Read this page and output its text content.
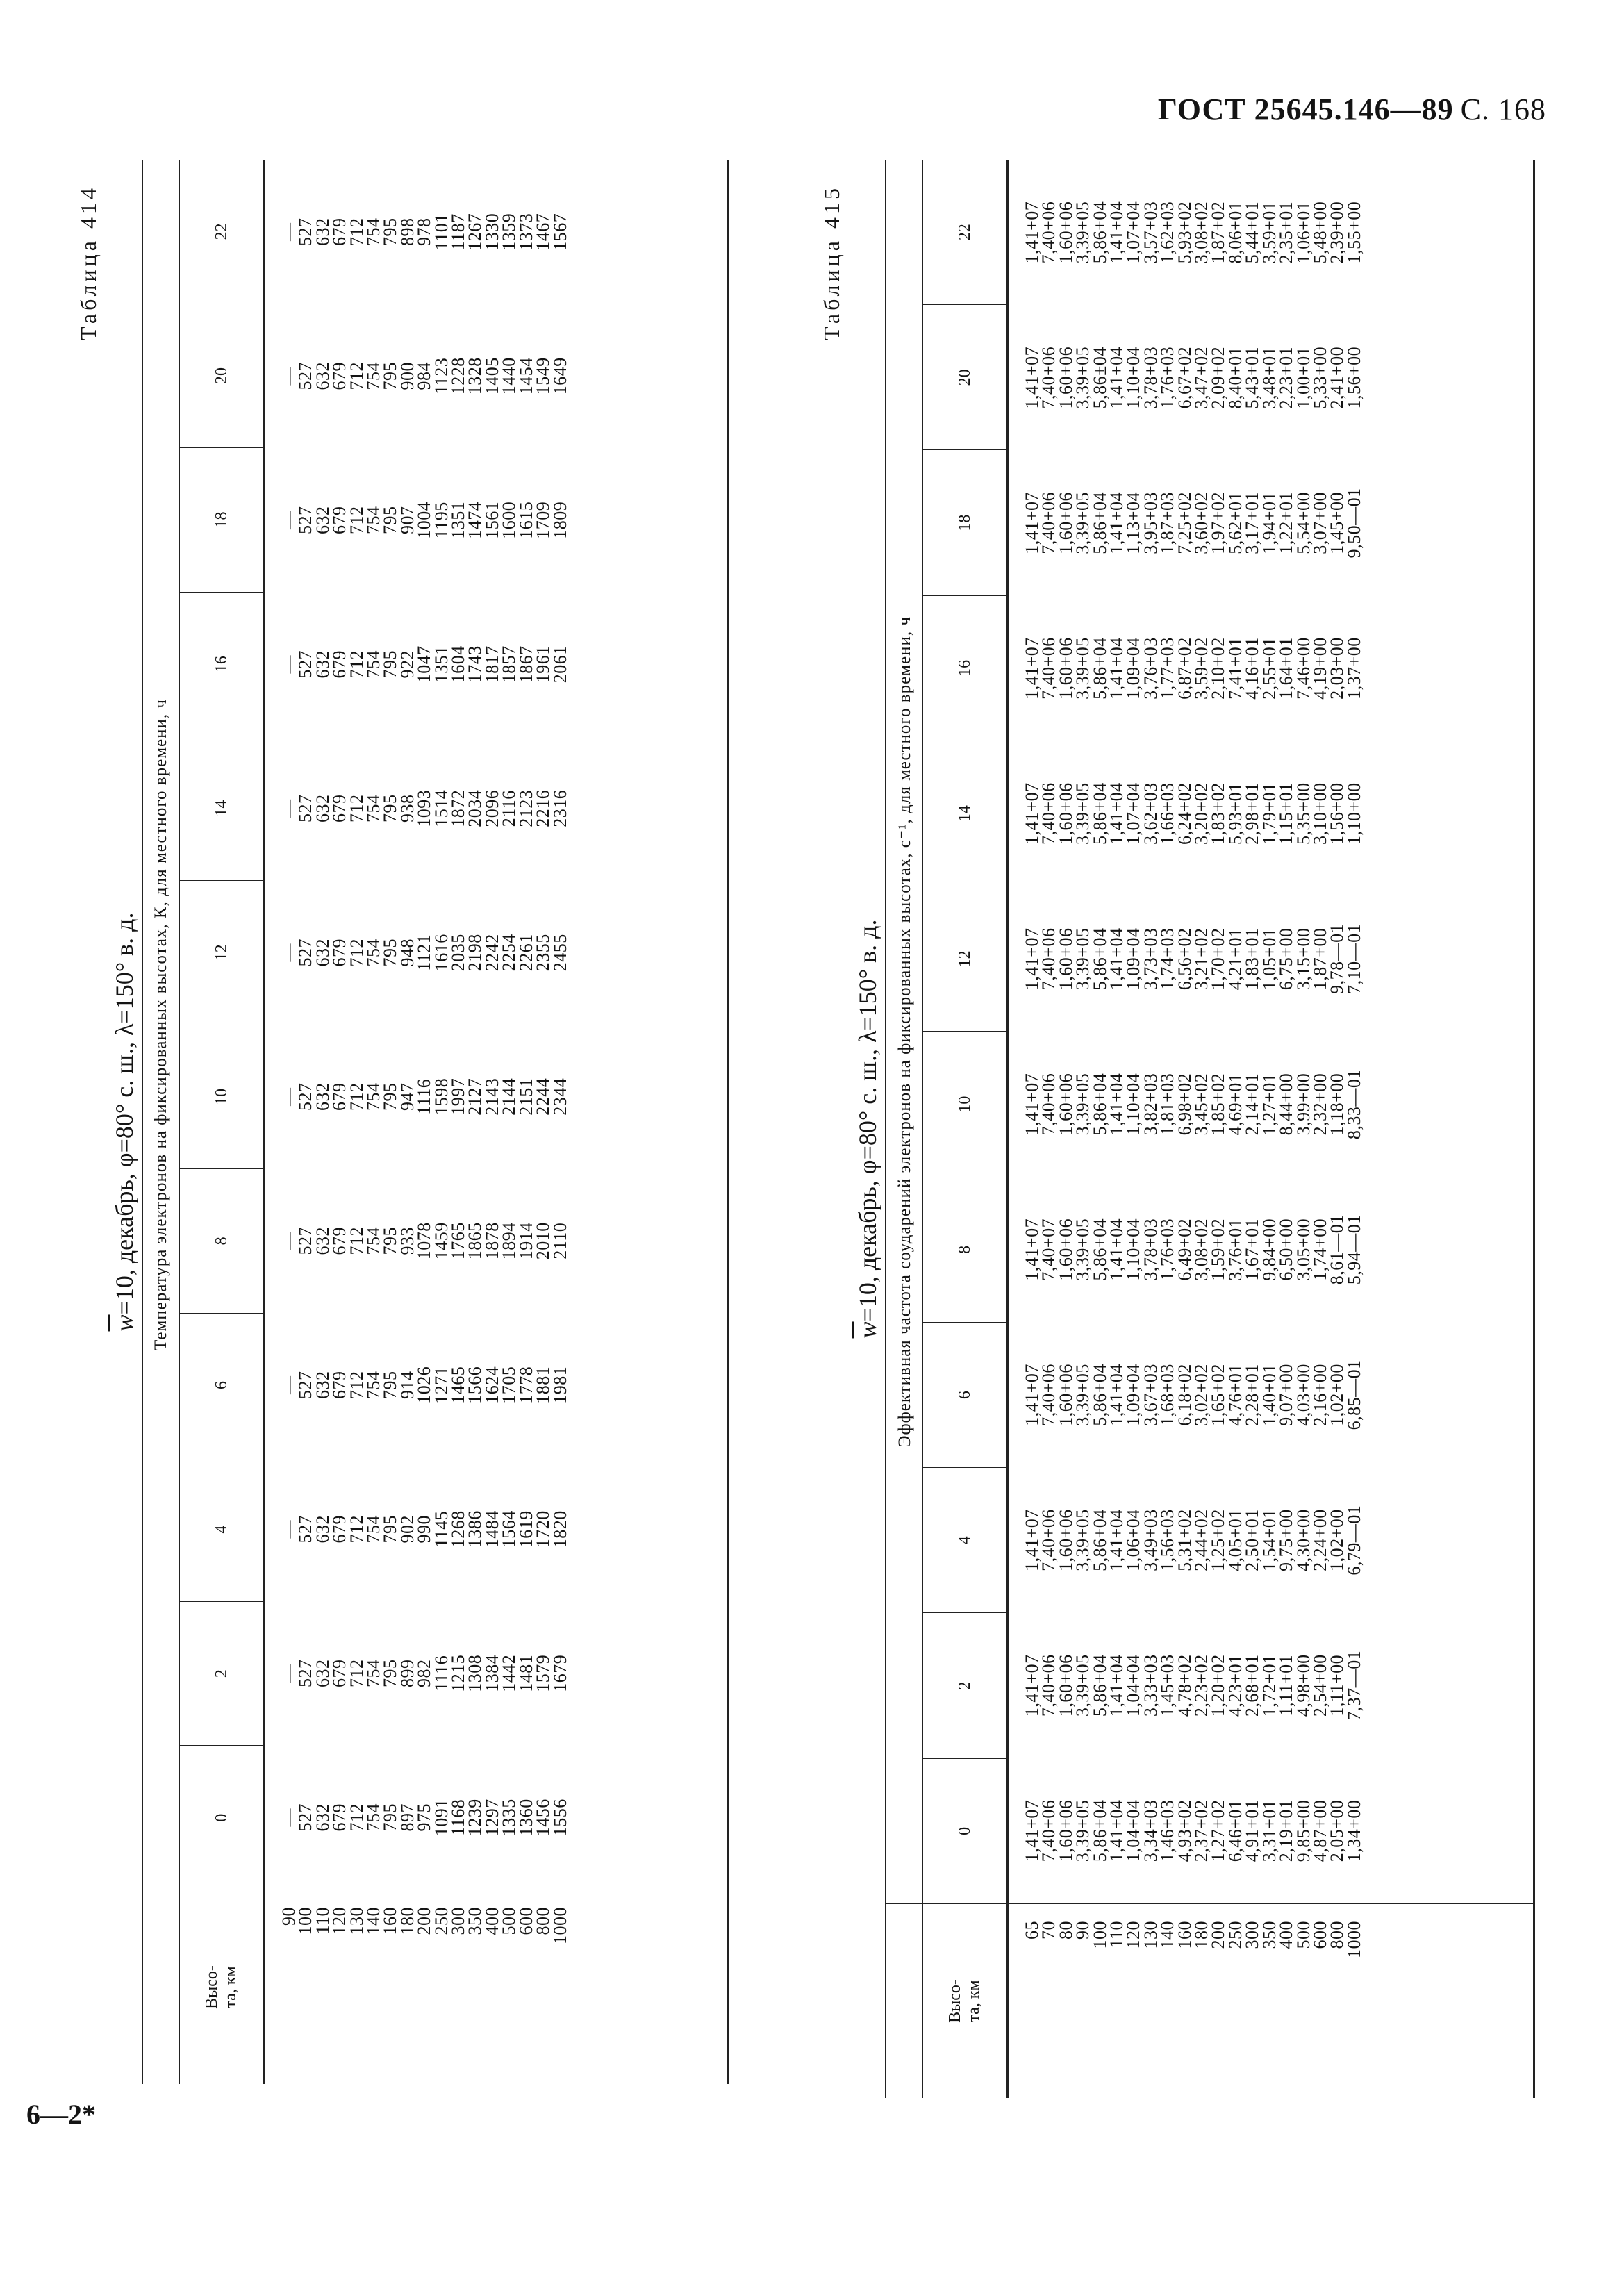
ГОСТ 25645.146—89 С. 168
6—2*
Таблица 414
$\overline{w}=10$, декабрь, φ=80° с. ш., λ=150° в. д. Температура электронов на фиксированных высотах, К, для местного времени, ч
Высо-
та, км
0
2
4
6
8
10
12
14
16
18
20
22
90
100
110
120
130
140
160
180
200
250
300
350
400
500
600
800
1000
—
527
632
679
712
754
795
897
975
1091
1168
1239
1297
1335
1360
1456
1556
—
527
632
679
712
754
795
899
982
1116
1215
1308
1384
1442
1481
1579
1679
—
527
632
679
712
754
795
902
990
1145
1268
1386
1484
1564
1619
1720
1820
—
527
632
679
712
754
795
914
1026
1271
1465
1566
1624
1705
1778
1881
1981
—
527
632
679
712
754
795
933
1078
1459
1765
1865
1878
1894
1914
2010
2110
—
527
632
679
712
754
795
947
1116
1598
1997
2127
2143
2144
2151
2244
2344
—
527
632
679
712
754
795
948
1121
1616
2035
2198
2242
2254
2261
2355
2455
—
527
632
679
712
754
795
938
1093
1514
1872
2034
2096
2116
2123
2216
2316
—
527
632
679
712
754
795
922
1047
1351
1604
1743
1817
1857
1867
1961
2061
—
527
632
679
712
754
795
907
1004
1195
1351
1474
1561
1600
1615
1709
1809
—
527
632
679
712
754
795
900
984
1123
1228
1328
1405
1440
1454
1549
1649
—
527
632
679
712
754
795
898
978
1101
1187
1267
1330
1359
1373
1467
1567	Таблица 415
$\overline{w}=10$, декабрь, φ=80° с. ш., λ=150° в. д. Эффективная частота соударений электронов на фиксированных высотах, с⁻¹, для местного времени, ч
Высо-
та, км
0
2
4
6
8
10
12
14
16
18
20
22
65
70
80
90
100
110
120
130
140
160
180
200
250
300
350
400
500
600
800
1000
1,41+07
7,40+06
1,60+06
3,39+05
5,86+04
1,41+04
1,04+04
3,34+03
1,46+03
4,93+02
2,37+02
1,27+02
6,46+01
4,91+01
3,31+01
2,19+01
9,85+00
4,87+00
2,05+00
1,34+00
1,41+07
7,40+06
1,60+06
3,39+05
5,86+04
1,41+04
1,04+04
3,33+03
1,45+03
4,78+02
2,23+02
1,20+02
4,23+01
2,68+01
1,72+01
1,11+01
4,98+00
2,54+00
1,11+00
7,37—01
1,41+07
7,40+06
1,60+06
3,39+05
5,86+04
1,41+04
1,06+04
3,49+03
1,56+03
5,31+02
2,44+02
1,25+02
4,05+01
2,50+01
1,54+01
9,75+00
4,30+00
2,24+00
1,02+00
6,79—01
1,41+07
7,40+06
1,60+06
3,39+05
5,86+04
1,41+04
1,09+04
3,67+03
1,68+03
6,18+02
3,02+02
1,65+02
4,76+01
2,28+01
1,40+01
9,07+00
4,03+00
2,16+00
1,02+00
6,85—01
1,41+07
7,40+07
1,60+06
3,39+05
5,86+04
1,41+04
1,10+04
3,78+03
1,76+03
6,49+02
3,08+02
1,59+02
3,76+01
1,67+01
9,84+00
6,50+00
3,05+00
1,74+00
8,61—01
5,94—01
1,41+07
7,40+06
1,60+06
3,39+05
5,86+04
1,41+04
1,10+04
3,82+03
1,81+03
6,98+02
3,45+02
1,85+02
4,69+01
2,14+01
1,27+01
8,44+00
3,99+00
2,32+00
1,18+00
8,33—01
1,41+07
7,40+06
1,60+06
3,39+05
5,86+04
1,41+04
1,09+04
3,73+03
1,74+03
6,56+02
3,21+02
1,70+02
4,21+01
1,83+01
1,05+01
6,75+00
3,15+00
1,87+00
9,78—01
7,10—01
1,41+07
7,40+06
1,60+06
3,39+05
5,86+04
1,41+04
1,07+04
3,62+03
1,66+03
6,24+02
3,20+02
1,83+02
5,93+01
2,98+01
1,79+01
1,15+01
5,35+00
3,10+00
1,56+00
1,10+00
1,41+07
7,40+06
1,60+06
3,39+05
5,86+04
1,41+04
1,09+04
3,76+03
1,77+03
6,87+02
3,59+02
2,10+02
7,41+01
4,16+01
2,55+01
1,64+01
7,46+00
4,19+00
2,03+00
1,37+00
1,41+07
7,40+06
1,60+06
3,39+05
5,86+04
1,41+04
1,13+04
3,95+03
1,87+03
7,25+02
3,60+02
1,97+02
5,62+01
3,17+01
1,94+01
1,22+01
5,54+00
3,07+00
1,45+00
9,50—01
1,41+07
7,40+06
1,60+06
3,39+05
5,86±04
1,41+04
1,10+04
3,78+03
1,76+03
6,67+02
3,47+02
2,09+02
8,40+01
5,43+01
3,48+01
2,23+01
1,00+01
5,33+00
2,41+00
1,56+00
1,41+07
7,40+06
1,60+06
3,39+05
5,86+04
1,41+04
1,07+04
3,57+03
1,62+03
5,93+02
3,08+02
1,87+02
8,06+01
5,44+01
3,59+01
2,35+01
1,06+01
5,48+00
2,39+00
1,55+00
